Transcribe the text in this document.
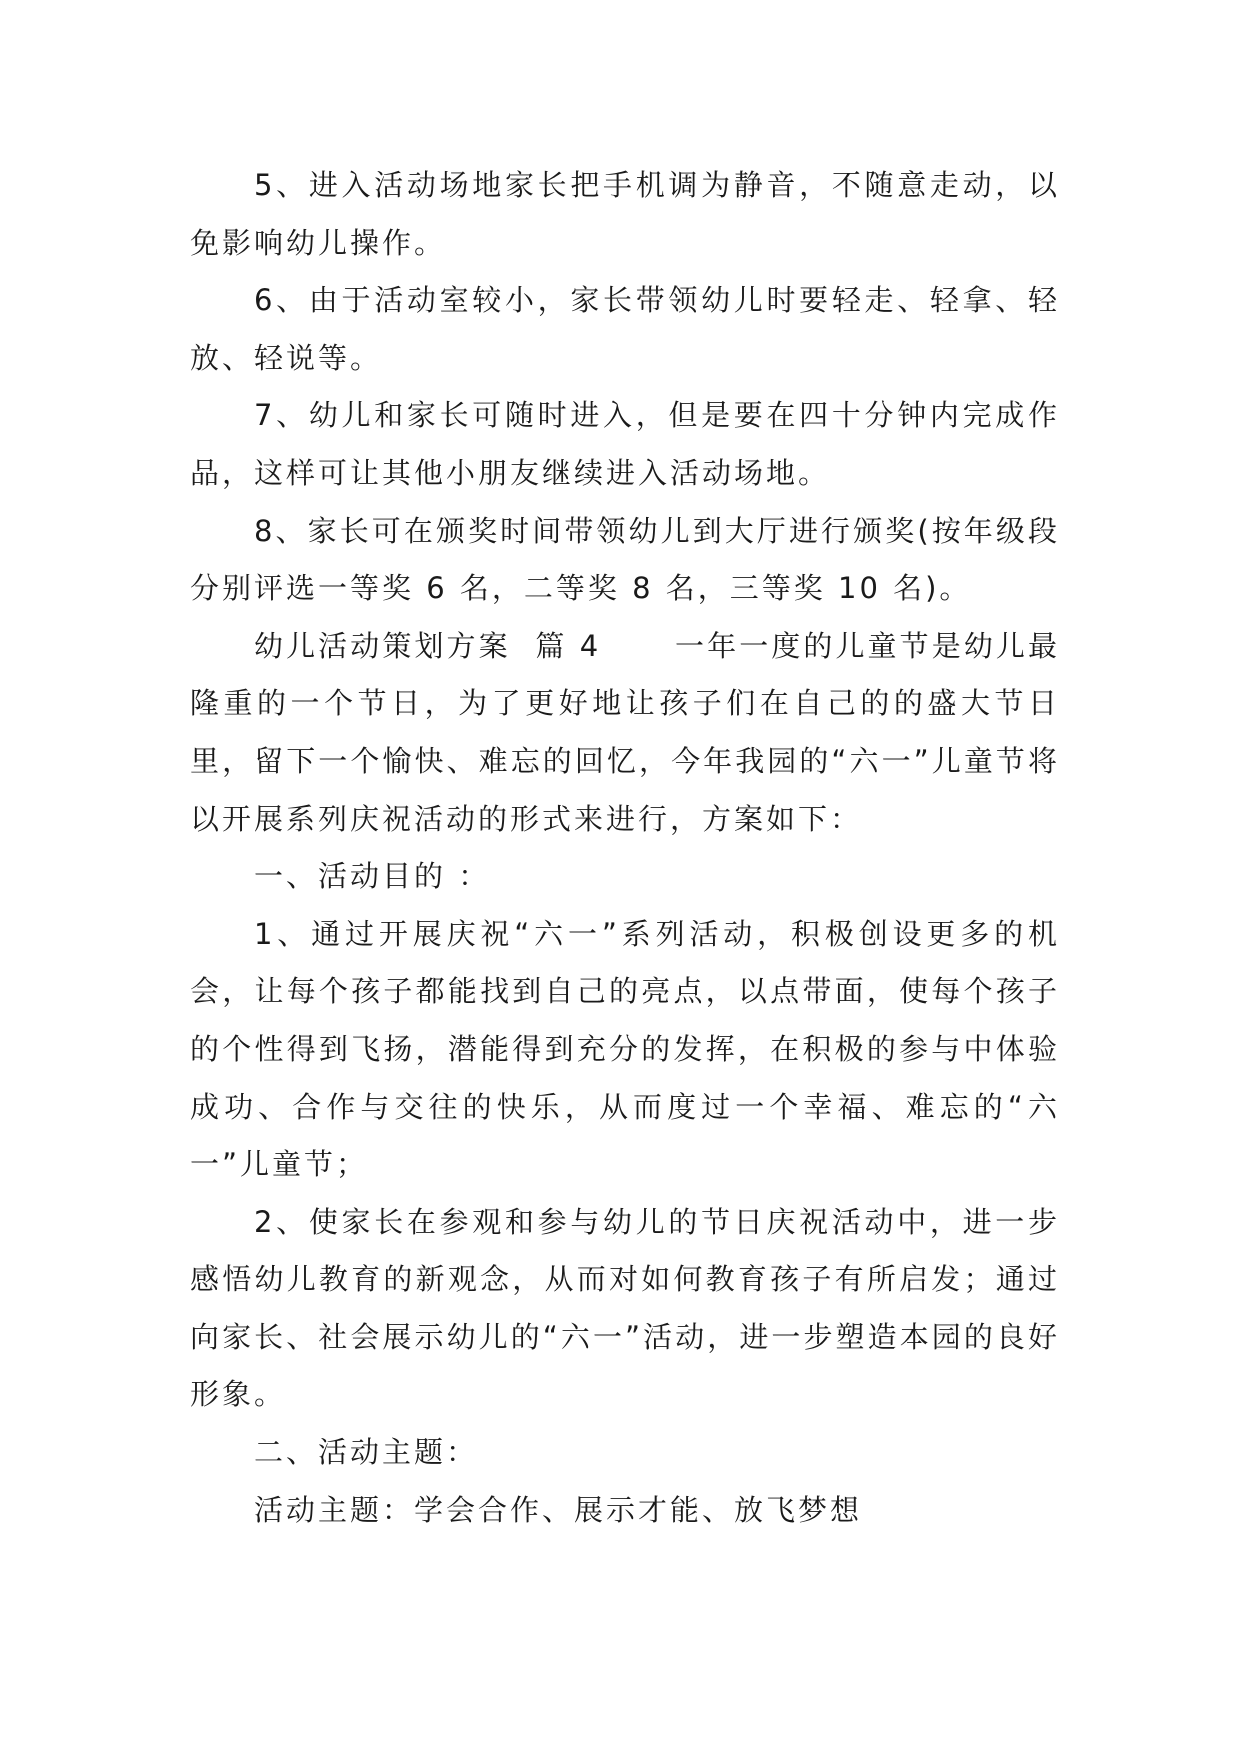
5、进入活动场地家长把手机调为静音，不随意走动，以免影响幼儿操作。

6、由于活动室较小，家长带领幼儿时要轻走、轻拿、轻放、轻说等。

7、幼儿和家长可随时进入，但是要在四十分钟内完成作品，这样可让其他小朋友继续进入活动场地。

8、家长可在颁奖时间带领幼儿到大厅进行颁奖(按年级段分别评选一等奖 6 名，二等奖 8 名，三等奖 10 名)。

幼儿活动策划方案  篇 4      一年一度的儿童节是幼儿最隆重的一个节日，为了更好地让孩子们在自己的的盛大节日里，留下一个愉快、难忘的回忆，今年我园的“六一”儿童节将以开展系列庆祝活动的形式来进行，方案如下：

一、活动目的 ：

1、通过开展庆祝“六一”系列活动，积极创设更多的机会，让每个孩子都能找到自己的亮点，以点带面，使每个孩子的个性得到飞扬，潜能得到充分的发挥，在积极的参与中体验成功、合作与交往的快乐，从而度过一个幸福、难忘的“六一”儿童节；

2、使家长在参观和参与幼儿的节日庆祝活动中，进一步感悟幼儿教育的新观念，从而对如何教育孩子有所启发；通过向家长、社会展示幼儿的“六一”活动，进一步塑造本园的良好形象。

二、活动主题：

活动主题：学会合作、展示才能、放飞梦想
